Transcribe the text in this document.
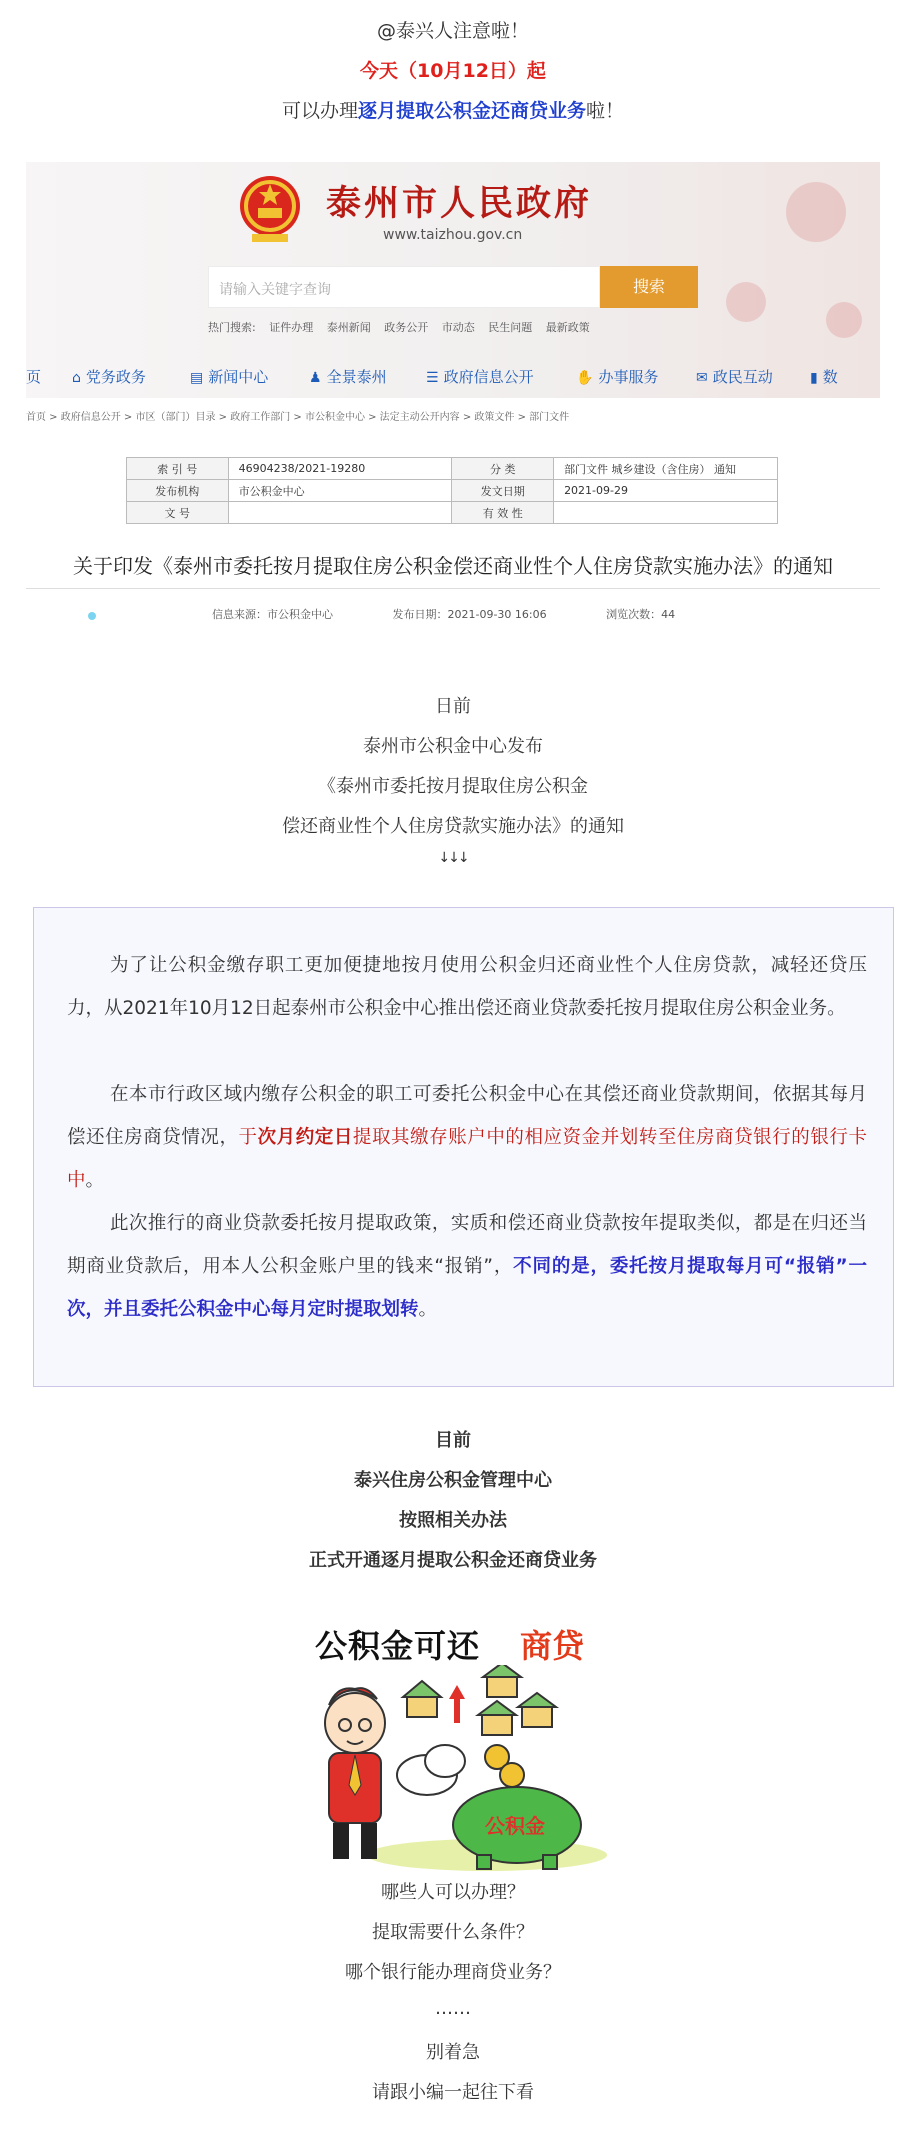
@泰兴人注意啦！
今天（10月12日）起
可以办理逐月提取公积金还商贷业务啦！
泰州市人民政府
www.taizhou.gov.cn
请输入关键字查询	搜索
热门搜索: 证件办理 泰州新闻 政务公开 市动态 民生问题 最新政策
页 ⌂ 党务政务	▤ 新闻中心	♟ 全景泰州	☰ 政府信息公开	✋ 办事服务	✉ 政民互动	▮ 数
首页 > 政府信息公开 > 市区（部门）目录 > 政府工作部门 > 市公积金中心 > 法定主动公开内容 > 政策文件 > 部门文件
索 引 号	46904238/2021-19280	分 类	部门文件 城乡建设（含住房） 通知
发布机构	市公积金中心	发文日期	2021-09-29
文 号		有 效 性	
关于印发《泰州市委托按月提取住房公积金偿还商业性个人住房贷款实施办法》的通知
信息来源：市公积金中心	发布日期：2021-09-30 16:06	浏览次数：44
日前
泰州市公积金中心发布
《泰州市委托按月提取住房公积金
偿还商业性个人住房贷款实施办法》的通知
↓↓↓

为了让公积金缴存职工更加便捷地按月使用公积金归还商业性个人住房贷款，减轻还贷压力，从2021年10月12日起泰州市公积金中心推出偿还商业贷款委托按月提取住房公积金业务。

在本市行政区域内缴存公积金的职工可委托公积金中心在其偿还商业贷款期间，依据其每月偿还住房商贷情况，于次月约定日提取其缴存账户中的相应资金并划转至住房商贷银行的银行卡中。

此次推行的商业贷款委托按月提取政策，实质和偿还商业贷款按年提取类似，都是在归还当期商业贷款后，用本人公积金账户里的钱来“报销”，不同的是，委托按月提取每月可“报销”一次，并且委托公积金中心每月定时提取划转。

目前
泰兴住房公积金管理中心
按照相关办法
正式开通逐月提取公积金还商贷业务
公积金可还 商贷
公积金
哪些人可以办理？
提取需要什么条件？
哪个银行能办理商贷业务？
……
别着急
请跟小编一起往下看
